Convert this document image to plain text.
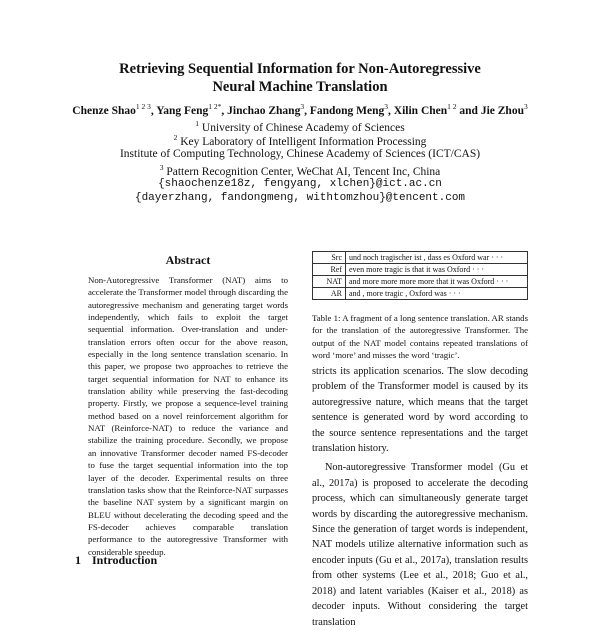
Retrieving Sequential Information for Non-Autoregressive
Neural Machine Translation
Chenze Shao$^{1 2 3}$, Yang Feng$^{1 2*}$, Jinchao Zhang$^3$, Fandong Meng$^3$, Xilin Chen$^{1 2}$ and Jie Zhou$^3$
$^1$ University of Chinese Academy of Sciences
$^2$ Key Laboratory of Intelligent Information Processing
Institute of Computing Technology, Chinese Academy of Sciences (ICT/CAS)
$^3$ Pattern Recognition Center, WeChat AI, Tencent Inc, China
{shaochenze18z, fengyang, xlchen}@ict.ac.cn
{dayerzhang, fandongmeng, withtomzhou}@tencent.com
Abstract
Non-Autoregressive Transformer (NAT) aims to accelerate the Transformer model through discarding the autoregressive mechanism and generating target words independently, which fails to exploit the target sequential information. Over-translation and under-translation errors often occur for the above reason, especially in the long sentence translation scenario. In this paper, we propose two approaches to retrieve the target sequential information for NAT to enhance its translation ability while preserving the fast-decoding property. Firstly, we propose a sequence-level training method based on a novel reinforcement algorithm for NAT (Reinforce-NAT) to reduce the variance and stabilize the training procedure. Secondly, we propose an innovative Transformer decoder named FS-decoder to fuse the target sequential information into the top layer of the decoder. Experimental results on three translation tasks show that the Reinforce-NAT surpasses the baseline NAT system by a significant margin on BLEU without decelerating the decoding speed and the FS-decoder achieves comparable translation performance to the autoregressive Transformer with considerable speedup.
1 Introduction
Src	und noch tragischer ist , dass es Oxford war · · ·
Ref	even more tragic is that it was Oxford · · ·
NAT	and more more more more that it was Oxford · · ·
AR	and , more tragic , Oxford was · · ·
Table 1: A fragment of a long sentence translation. AR stands for the translation of the autoregressive Transformer. The output of the NAT model contains repeated translations of word ‘more’ and misses the word ‘tragic’.

stricts its application scenarios. The slow decoding problem of the Transformer model is caused by its autoregressive nature, which means that the target sentence is generated word by word according to the source sentence representations and the target translation history.

Non-autoregressive Transformer model (Gu et al., 2017a) is proposed to accelerate the decoding process, which can simultaneously generate target words by discarding the autoregressive mechanism. Since the generation of target words is independent, NAT models utilize alternative information such as encoder inputs (Gu et al., 2017a), translation results from other systems (Lee et al., 2018; Guo et al., 2018) and latent variables (Kaiser et al., 2018) as decoder inputs. Without considering the target translation
